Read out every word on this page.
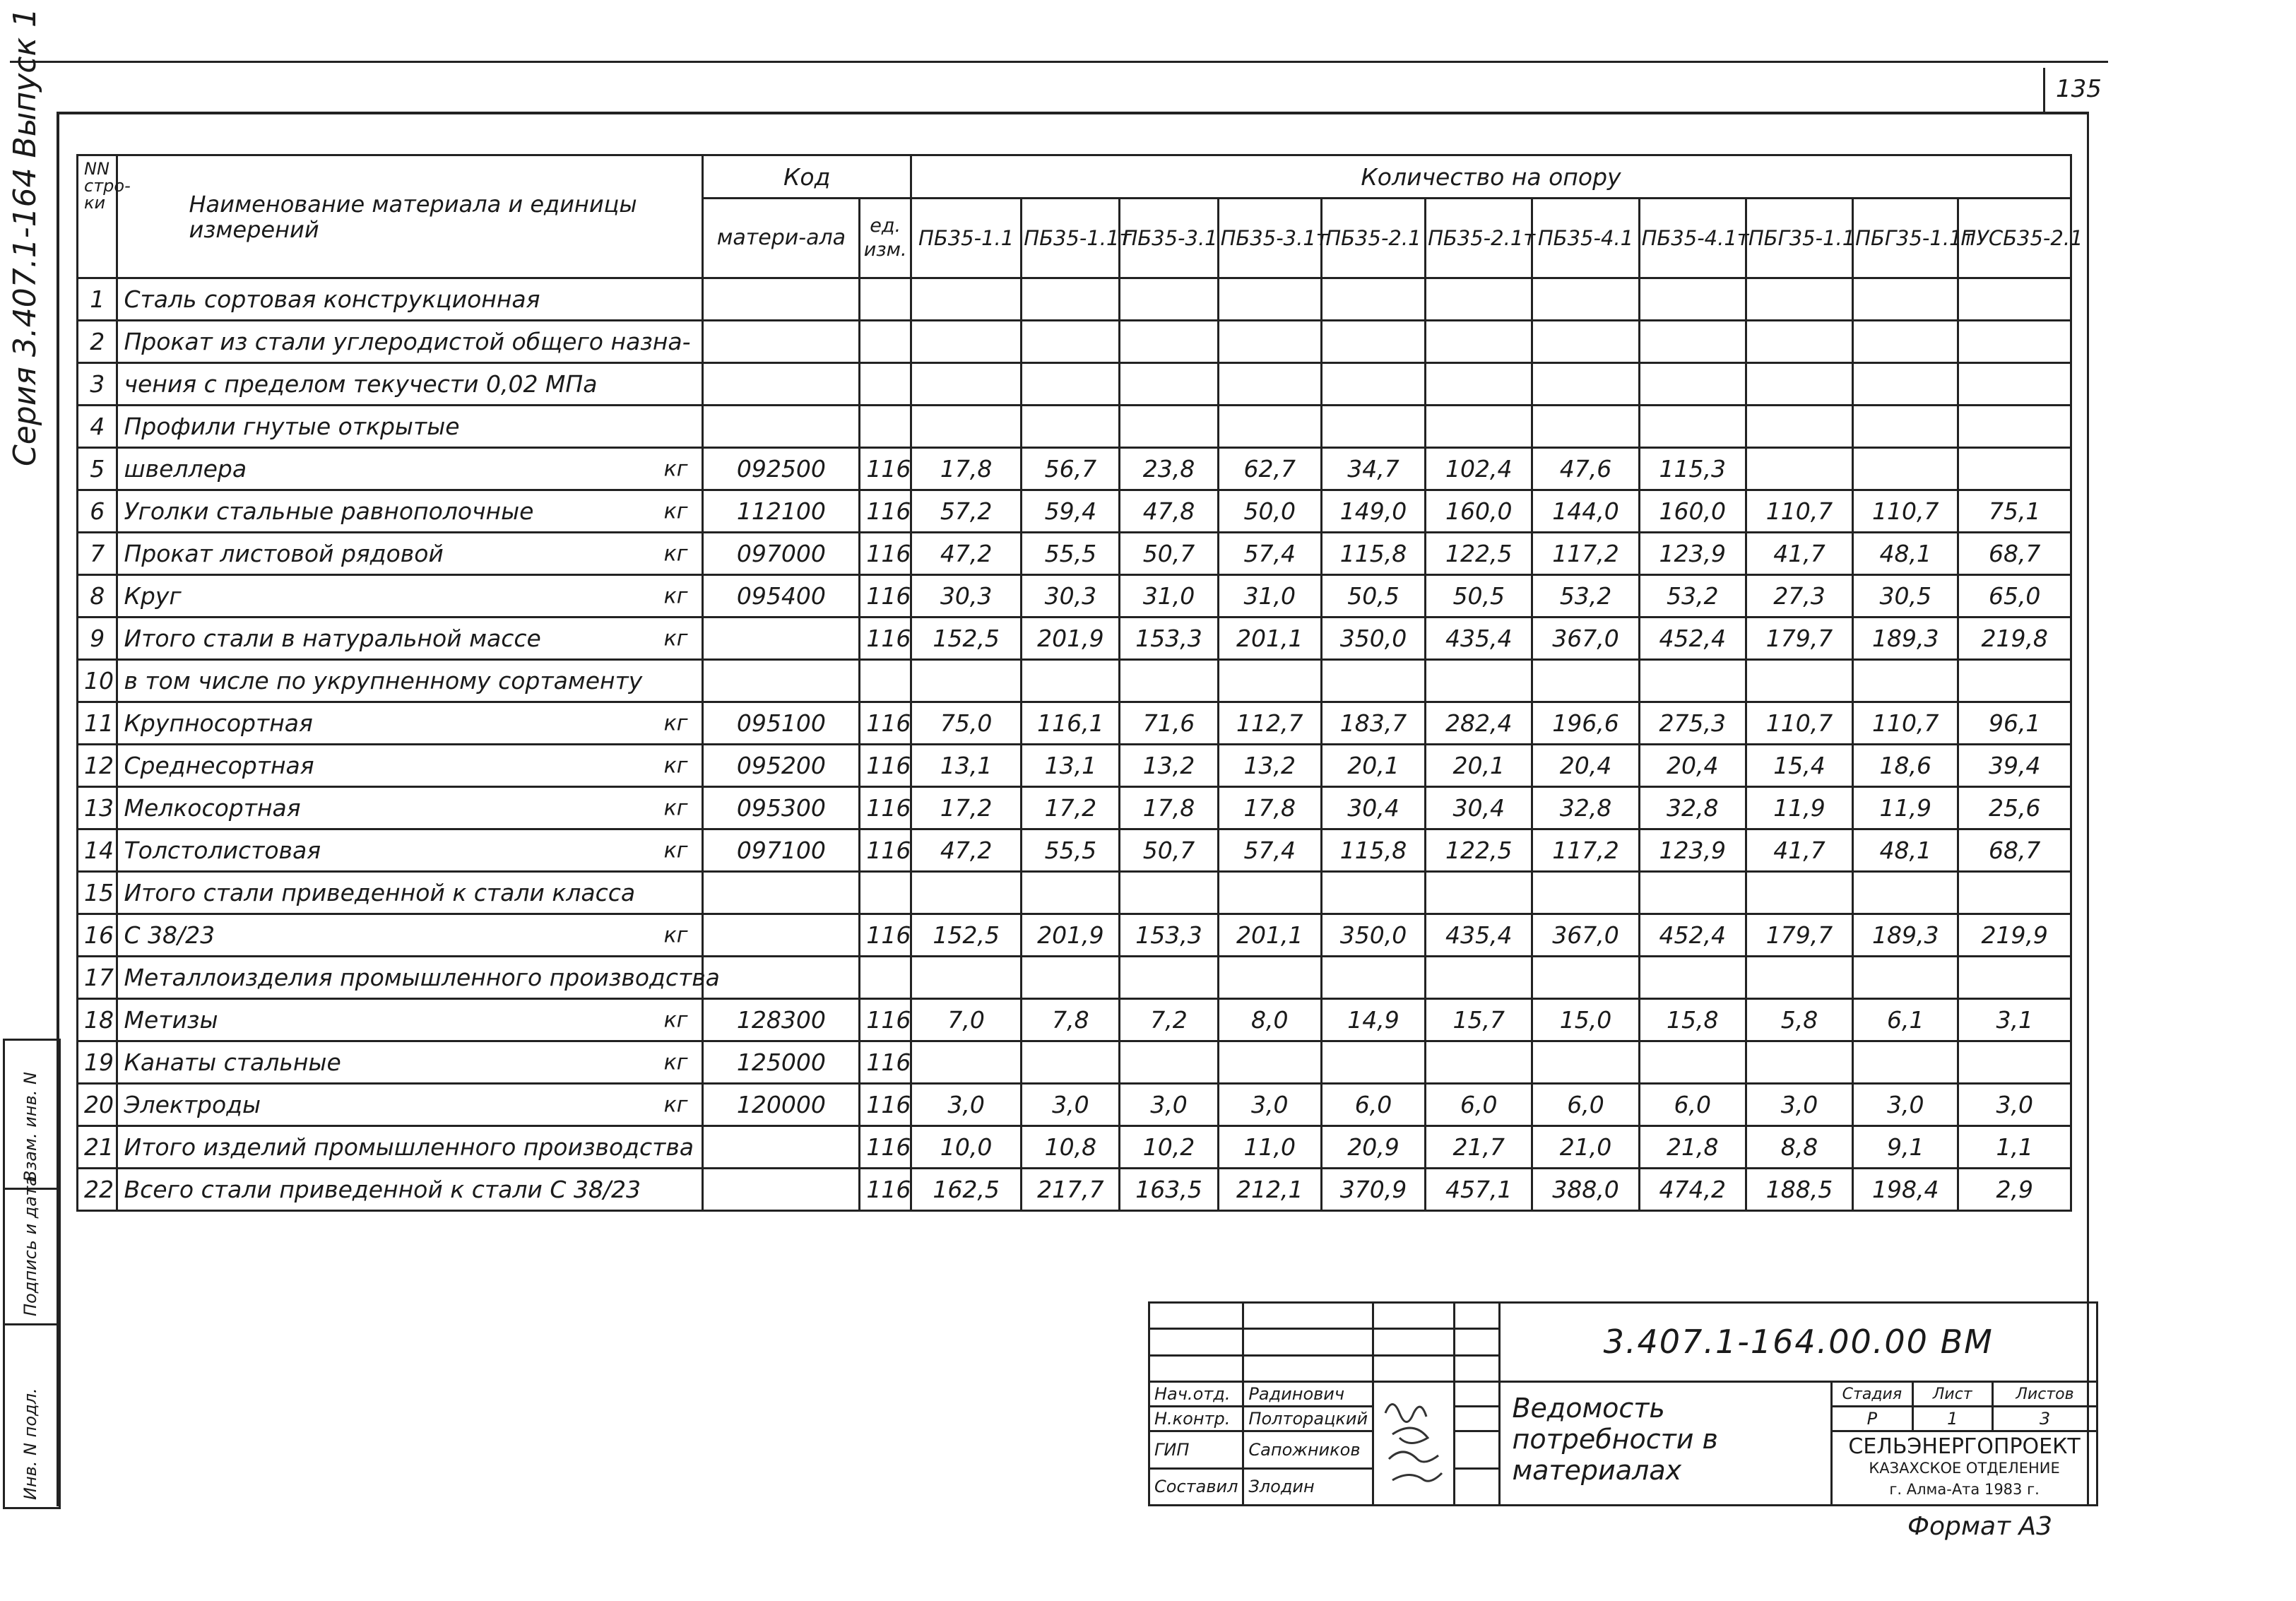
135
Серия 3.407.1-164 Выпуск 1
Взам. инв. N
Подпись и дата
Инв. N подл.
NN стро-ки	Наименование материала и единицы измерений	Код		Количество на опору										
		матери-ала	ед. изм.	ПБ35-1.1	ПБ35-1.1т	ПБ35-3.1	ПБ35-3.1т	ПБ35-2.1	ПБ35-2.1т	ПБ35-4.1	ПБ35-4.1т	ПБГ35-1.1	ПБГ35-1.1т	ПУСБ35-2.1
1	Сталь сортовая конструкционная

2	Прокат из стали углеродистой общего назна-

3	чения с пределом текучести 0,02 МПа

4	Профили гнутые открытые

5	швеллера кг	092500	116	17,8	56,7	23,8	62,7	34,7	102,4	47,6	115,3			
6	Уголки стальные равнополочные кг	112100	116	57,2	59,4	47,8	50,0	149,0	160,0	144,0	160,0	110,7	110,7	75,1
7	Прокат листовой рядовой кг	097000	116	47,2	55,5	50,7	57,4	115,8	122,5	117,2	123,9	41,7	48,1	68,7
8	Круг кг	095400	116	30,3	30,3	31,0	31,0	50,5	50,5	53,2	53,2	27,3	30,5	65,0
9	Итого стали в натуральной массе кг		116	152,5	201,9	153,3	201,1	350,0	435,4	367,0	452,4	179,7	189,3	219,8
10	в том числе по укрупненному сортаменту

11	Крупносортная кг	095100	116	75,0	116,1	71,6	112,7	183,7	282,4	196,6	275,3	110,7	110,7	96,1
12	Среднесортная кг	095200	116	13,1	13,1	13,2	13,2	20,1	20,1	20,4	20,4	15,4	18,6	39,4
13	Мелкосортная кг	095300	116	17,2	17,2	17,8	17,8	30,4	30,4	32,8	32,8	11,9	11,9	25,6
14	Толстолистовая кг	097100	116	47,2	55,5	50,7	57,4	115,8	122,5	117,2	123,9	41,7	48,1	68,7
15	Итого стали приведенной к стали класса

16	С 38/23 кг		116	152,5	201,9	153,3	201,1	350,0	435,4	367,0	452,4	179,7	189,3	219,9
17	Металлоизделия промышленного производства

18	Метизы кг	128300	116	7,0	7,8	7,2	8,0	14,9	15,7	15,0	15,8	5,8	6,1	3,1
19	Канаты стальные кг	125000	116											
20	Электроды кг	120000	116	3,0	3,0	3,0	3,0	6,0	6,0	6,0	6,0	3,0	3,0	3,0
21	Итого изделий промышленного производства		116	10,0	10,8	10,2	11,0	20,9	21,7	21,0	21,8	8,8	9,1	1,1
22	Всего стали приведенной к стали С 38/23		116	162,5	217,7	163,5	212,1	370,9	457,1	388,0	474,2	188,5	198,4	2,9
				3.407.1-164.00.00 ВМ			

Нач.отд.	Радинович			Ведомость потребности в материалах	Стадия	Лист	Листов
Н.контр.	Полторацкий				Р	1	3
ГИП	Сапожников				СЕЛЬЭНЕРГОПРОЕКТ
КАЗАХСКОЕ ОТДЕЛЕНИЕ
г. Алма-Ата 1983 г.		

Составил	Злодин						
Формат А3
